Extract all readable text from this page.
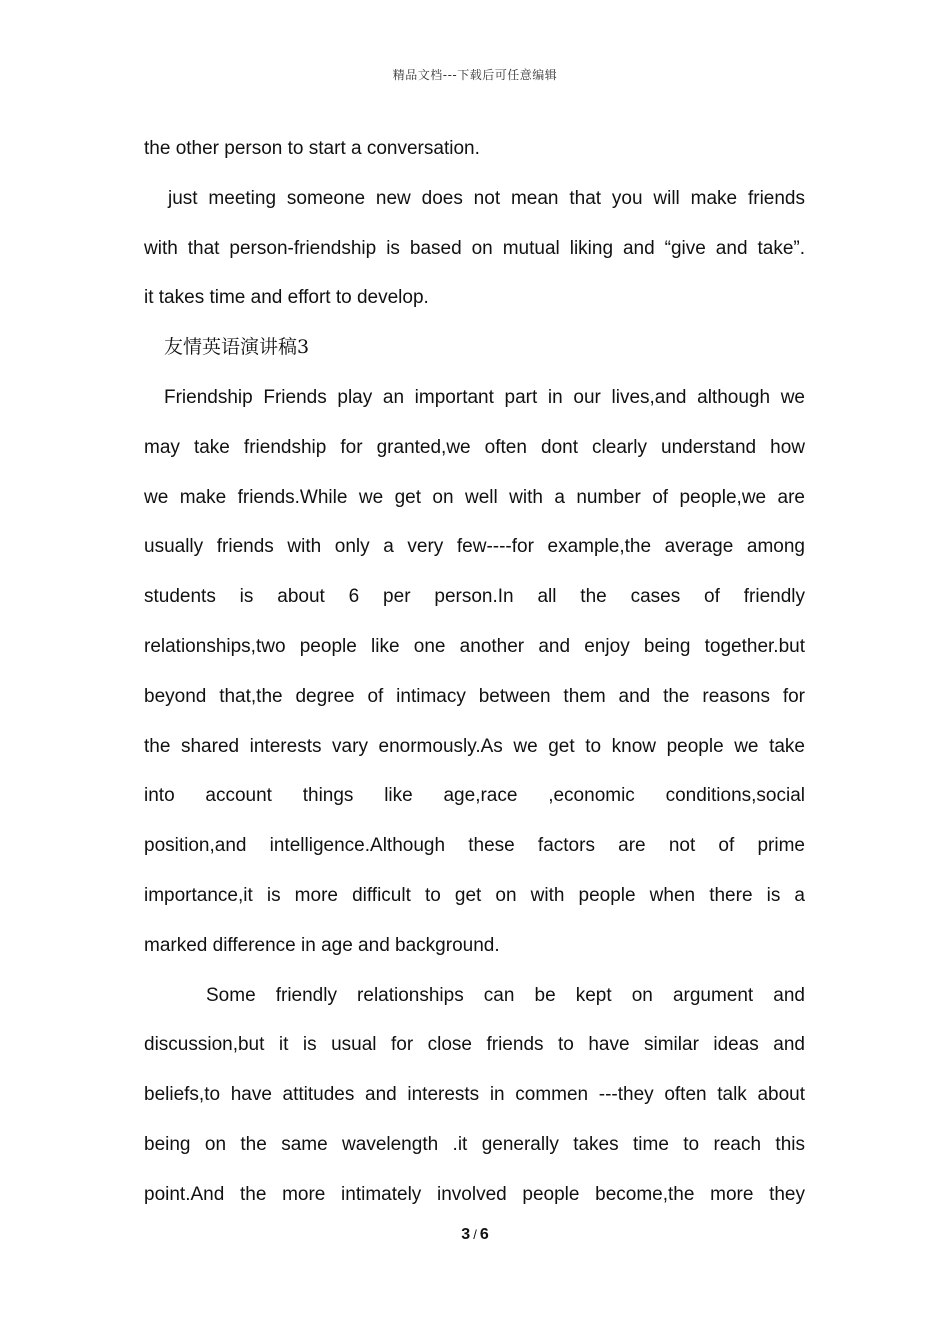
精品文档---下载后可任意编辑
the other person to start a conversation.
just meeting someone new does not mean that you will make friends
with that person-friendship is based on mutual liking and “give and take”.
it takes time and effort to develop.
友情英语演讲稿3
Friendship Friends play an important part in our lives,and although we
may take friendship for granted,we often dont clearly understand how
we make friends.While we get on well with a number of people,we are
usually friends with only a very few----for example,the average among
students is about 6 per person.In all the cases of friendly
relationships,two people like one another and enjoy being together.but
beyond that,the degree of intimacy between them and the reasons for
the shared interests vary enormously.As we get to know people we take
into account things like age,race ,economic conditions,social
position,and intelligence.Although these factors are not of prime
importance,it is more difficult to get on with people when there is a
marked difference in age and background.
Some friendly relationships can be kept on argument and
discussion,but it is usual for close friends to have similar ideas and
beliefs,to have attitudes and interests in commen ---they often talk about
being on the same wavelength .it generally takes time to reach this
point.And the more intimately involved people become,the more they
3 / 6
